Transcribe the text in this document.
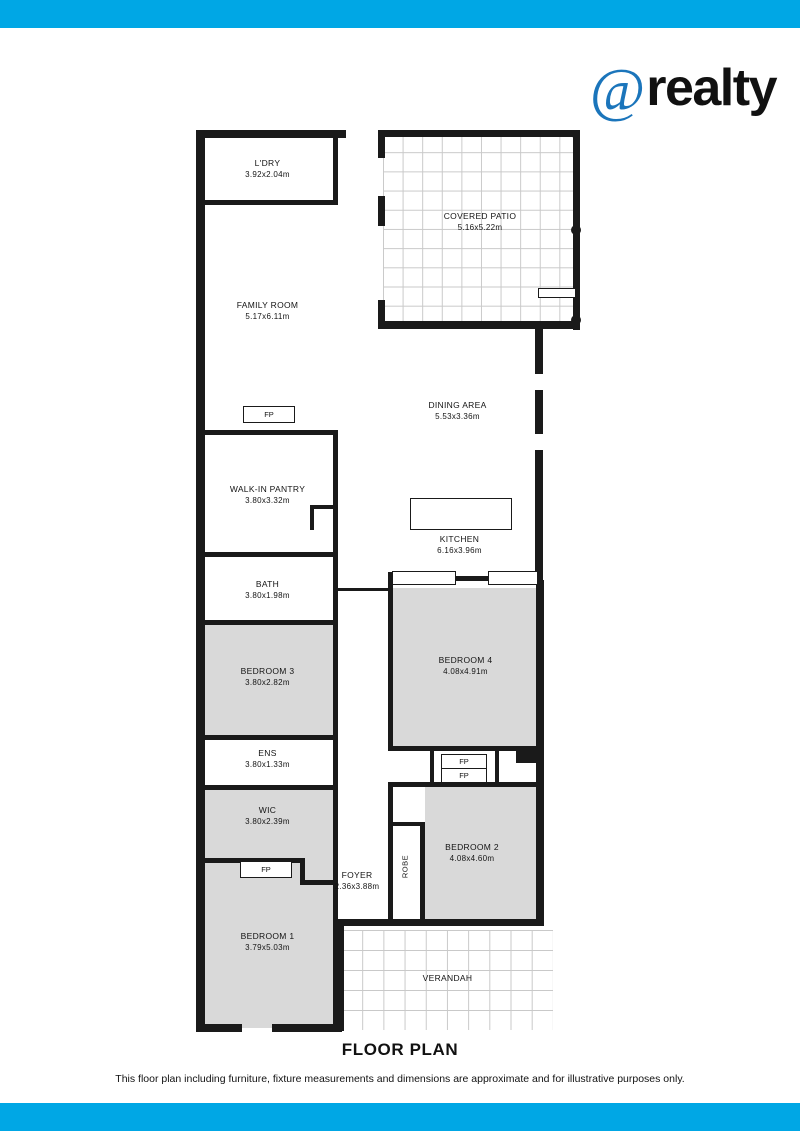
@ realty
FP
FP
FP
FP
ROBE
L'DRY
3.92x2.04m
COVERED PATIO
5.16x5.22m
FAMILY ROOM
5.17x6.11m
DINING AREA
5.53x3.36m
WALK-IN PANTRY
3.80x3.32m
KITCHEN
6.16x3.96m
BATH
3.80x1.98m
BEDROOM 4
4.08x4.91m
BEDROOM 3
3.80x2.82m
ENS
3.80x1.33m
WIC
3.80x2.39m
BEDROOM 2
4.08x4.60m
FOYER
2.36x3.88m
BEDROOM 1
3.79x5.03m
VERANDAH
FLOOR PLAN
This floor plan including furniture, fixture measurements and dimensions are approximate and for illustrative purposes only.
